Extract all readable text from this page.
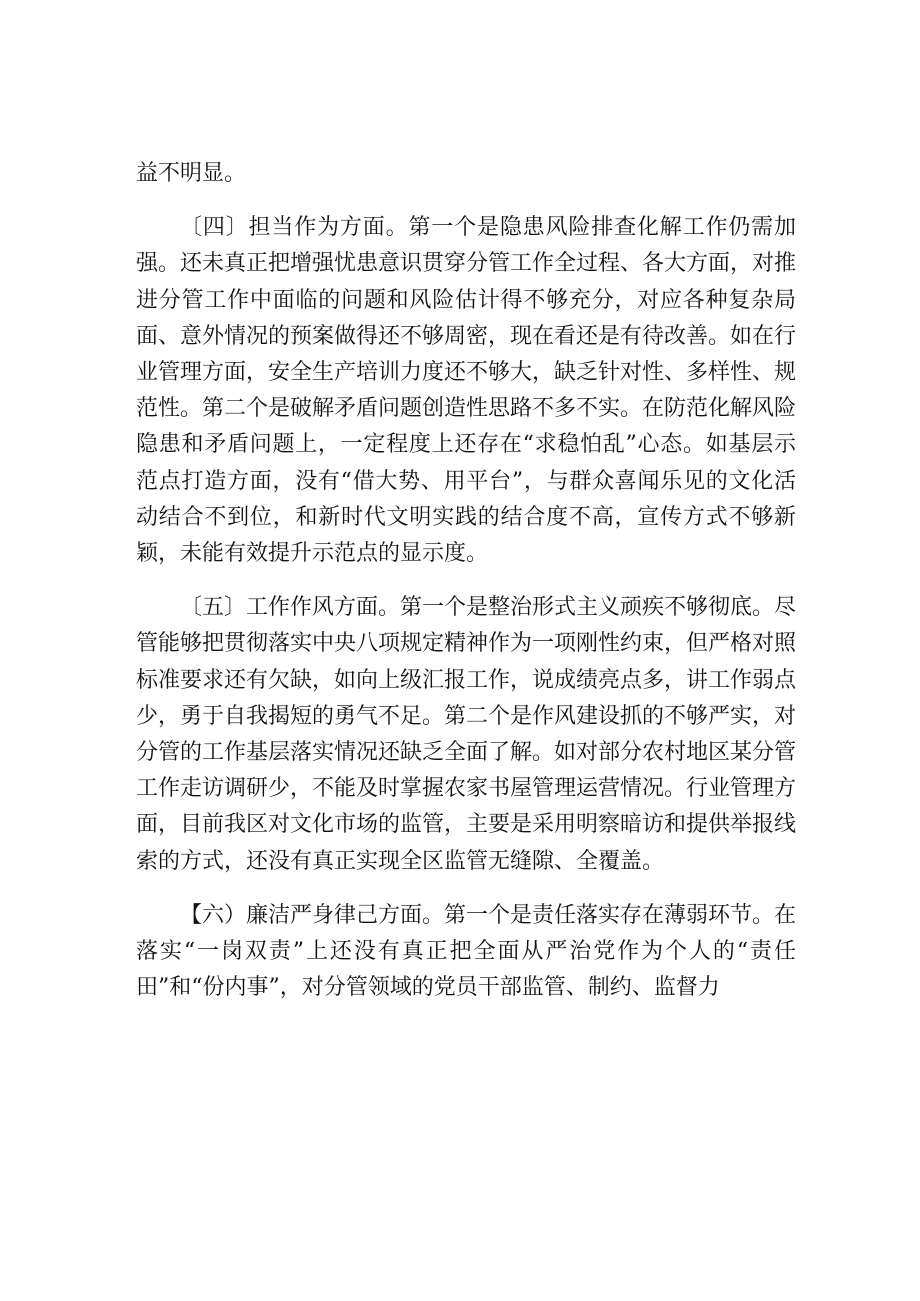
益不明显。

〔四〕担当作为方面。第一个是隐患风险排查化解工作仍需加强。还未真正把增强忧患意识贯穿分管工作全过程、各大方面，对推进分管工作中面临的问题和风险估计得不够充分，对应各种复杂局面、意外情况的预案做得还不够周密，现在看还是有待改善。如在行业管理方面，安全生产培训力度还不够大，缺乏针对性、多样性、规范性。第二个是破解矛盾问题创造性思路不多不实。在防范化解风险隐患和矛盾问题上，一定程度上还存在“求稳怕乱”心态。如基层示范点打造方面，没有“借大势、用平台”，与群众喜闻乐见的文化活动结合不到位，和新时代文明实践的结合度不高，宣传方式不够新颖，未能有效提升示范点的显示度。

〔五〕工作作风方面。第一个是整治形式主义顽疾不够彻底。尽管能够把贯彻落实中央八项规定精神作为一项刚性约束，但严格对照标准要求还有欠缺，如向上级汇报工作，说成绩亮点多，讲工作弱点少，勇于自我揭短的勇气不足。第二个是作风建设抓的不够严实，对分管的工作基层落实情况还缺乏全面了解。如对部分农村地区某分管工作走访调研少，不能及时掌握农家书屋管理运营情况。行业管理方面，目前我区对文化市场的监管，主要是采用明察暗访和提供举报线索的方式，还没有真正实现全区监管无缝隙、全覆盖。

【六）廉洁严身律己方面。第一个是责任落实存在薄弱环节。在落实“一岗双责”上还没有真正把全面从严治党作为个人的“责任田”和“份内事”，对分管领域的党员干部监管、制约、监督力
